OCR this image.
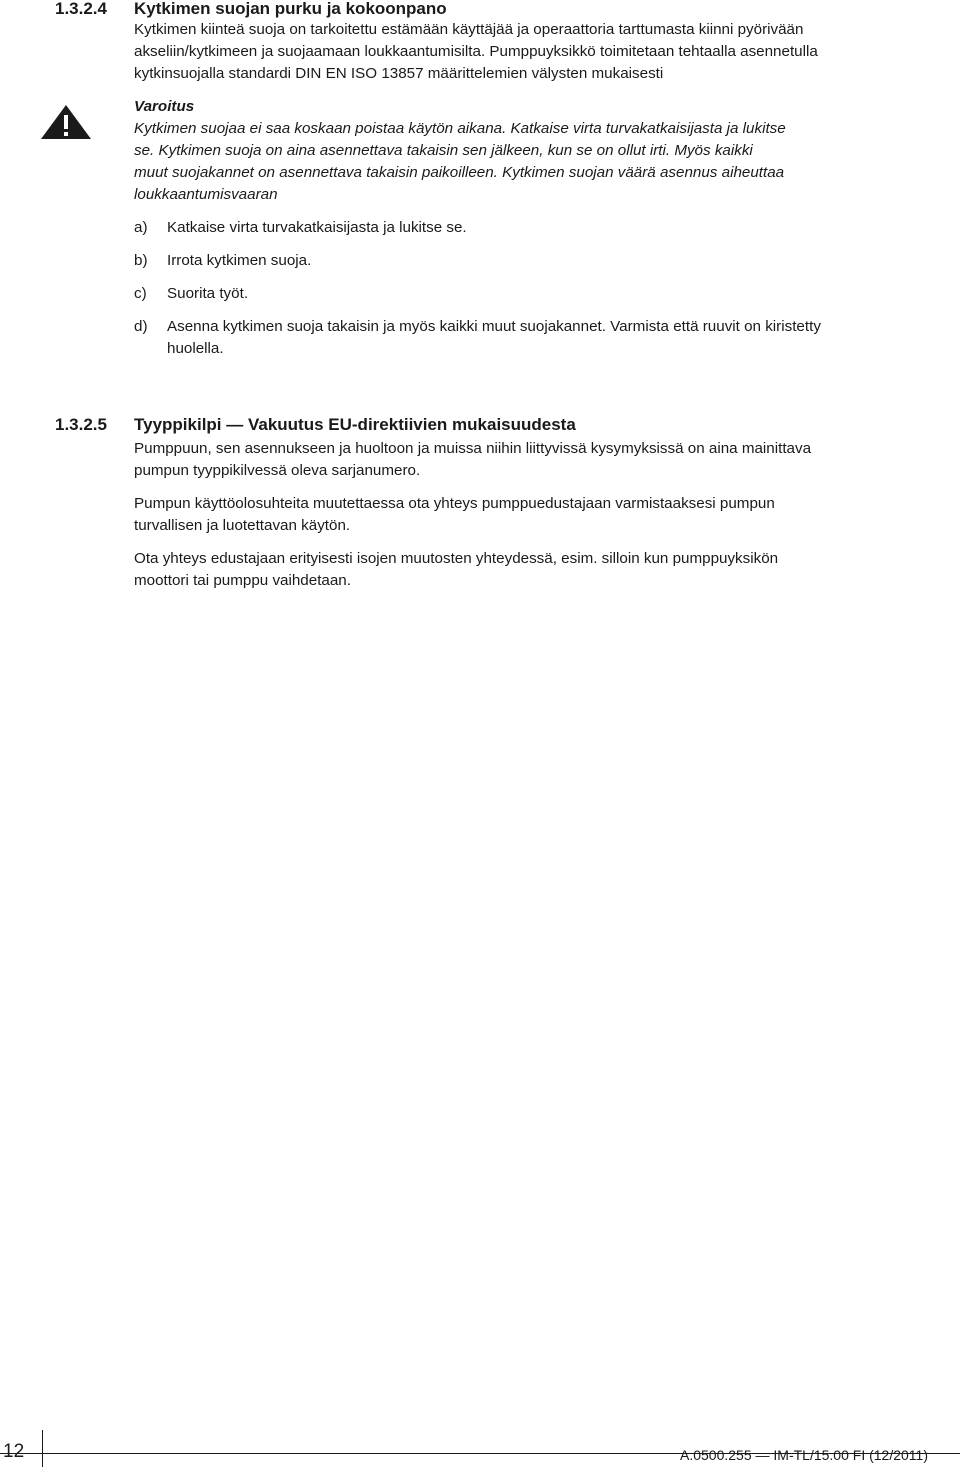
1.3.2.4 Kytkimen suojan purku ja kokoonpano
Kytkimen kiinteä suoja on tarkoitettu estämään käyttäjää ja operaattoria tarttumasta kiinni pyörivään
akseliin/kytkimeen ja suojaamaan loukkaantumisilta. Pumppuyksikkö toimitetaan tehtaalla asennetulla
kytkinsuojalla standardi DIN EN ISO 13857 määrittelemien välysten mukaisesti
Varoitus
Kytkimen suojaa ei saa koskaan poistaa käytön aikana. Katkaise virta turvakatkaisijasta ja lukitse
se. Kytkimen suoja on aina asennettava takaisin sen jälkeen, kun se on ollut irti. Myös kaikki
muut suojakannet on asennettava takaisin paikoilleen. Kytkimen suojan väärä asennus aiheuttaa
loukkaantumisvaaran
a) Katkaise virta turvakatkaisijasta ja lukitse se.
b) Irrota kytkimen suoja.
c) Suorita työt.
d) Asenna kytkimen suoja takaisin ja myös kaikki muut suojakannet. Varmista että ruuvit on kiristetty
huolella.
1.3.2.5 Tyyppikilpi — Vakuutus EU-direktiivien mukaisuudesta
Pumppuun, sen asennukseen ja huoltoon ja muissa niihin liittyvissä kysymyksissä on aina mainittava
pumpun tyyppikilvessä oleva sarjanumero.
Pumpun käyttöolosuhteita muutettaessa ota yhteys pumppuedustajaan varmistaaksesi pumpun
turvallisen ja luotettavan käytön.
Ota yhteys edustajaan erityisesti isojen muutosten yhteydessä, esim. silloin kun pumppuyksikön
moottori tai pumppu vaihdetaan.
12	A.0500.255 — IM-TL/15.00 FI (12/2011)
